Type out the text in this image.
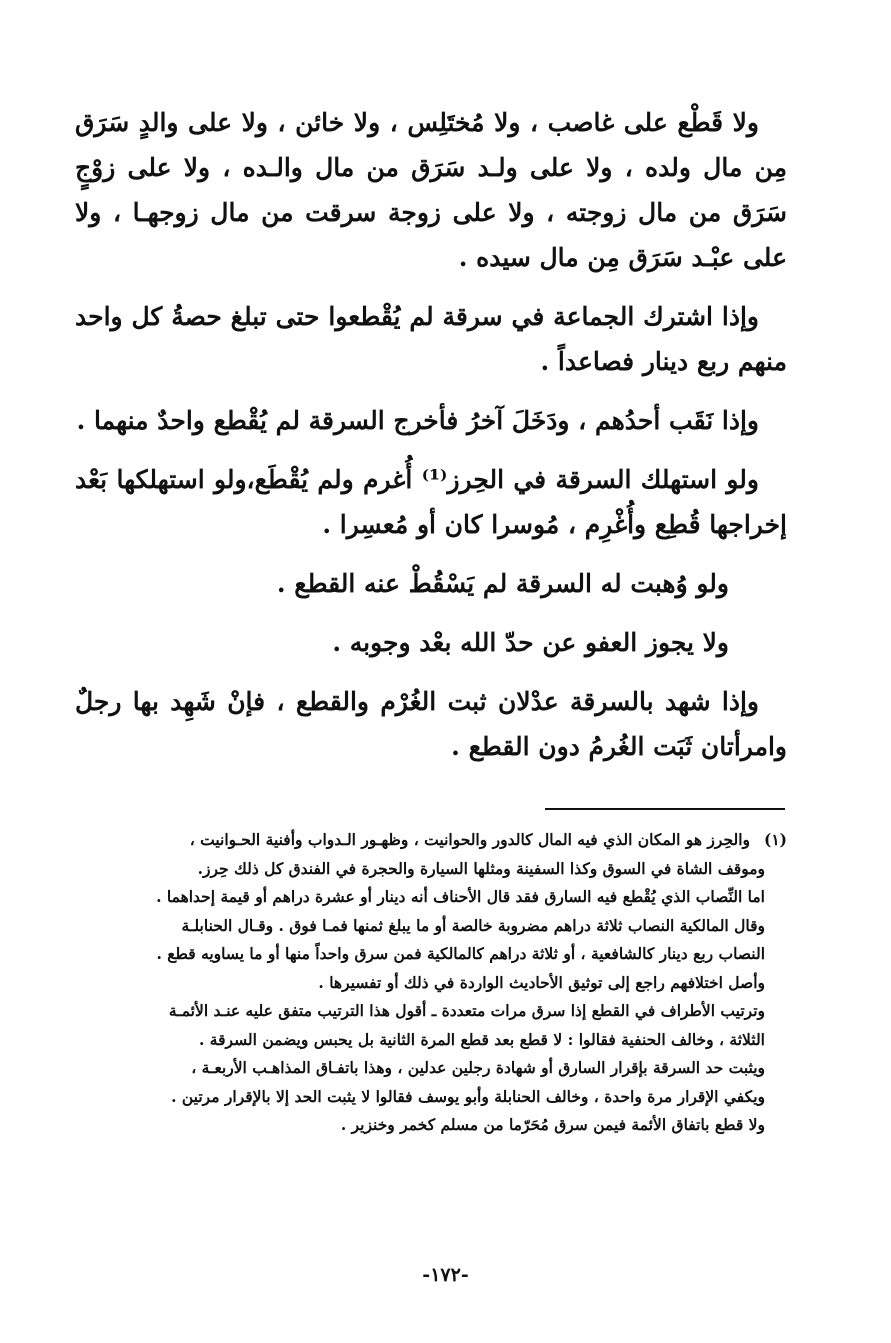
ولا قَطْع على غاصب ، ولا مُختَلِس ، ولا خائن ، ولا على والدٍ سَرَق مِن مال ولده ، ولا على ولـد سَرَق من مال والـده ، ولا على زوْجٍ سَرَق من مال زوجته ، ولا على زوجة سرقت من مال زوجهـا ، ولا على عبْـد سَرَق مِن مال سيده .

وإذا اشترك الجماعة في سرقة لم يُقْطعوا حتى تبلغ حصةُ كل واحد منهم ربع دينار فصاعداً .

وإذا نَقَب أحدُهم ، ودَخَلَ آخرُ فأخرج السرقة لم يُقْطع واحدٌ منهما .

ولو استهلك السرقة في الحِرز⁽¹⁾ أُغرم ولم يُقْطَع،ولو استهلكها بَعْد إخراجها قُطِع وأُغْرِم ، مُوسرا كان أو مُعسِرا .

ولو وُهبت له السرقة لم يَسْقُطْ عنه القطع .

ولا يجوز العفو عن حدّ الله بعْد وجوبه .

وإذا شهد بالسرقة عدْلان ثبت الغُرْم والقطع ، فإنْ شَهِد بها رجلٌ وامرأتان ثَبَت الغُرمُ دون القطع .

(١)والحِرز هو المكان الذي فيه المال كالدور والحوانيت ، وظهـور الـدواب وأفنية الحـوانيت ،

وموقف الشاة في السوق وكذا السفينة ومثلها السيارة والحجرة في الفندق كل ذلك حِرز.

اما النِّصاب الذي يُقْطع فيه السارق فقد قال الأحناف أنه دينار أو عشرة دراهم أو قيمة إحداهما .

وقال المالكية النصاب ثلاثة دراهم مضروبة خالصة أو ما يبلغ ثمنها فمـا فوق . وقـال الحنابلـة

النصاب ربع دينار كالشافعية ، أو ثلاثة دراهم كالمالكية فمن سرق واحداً منها أو ما يساويه قطع .

وأصل اختلافهم راجع إلى توثيق الأحاديث الواردة في ذلك أو تفسيرها .

وترتيب الأطراف في القطع إذا سرق مرات متعددة ـ أقول هذا الترتيب متفق عليه عنـد الأئمـة

الثلاثة ، وخالف الحنفية فقالوا : لا قطع بعد قطع المرة الثانية بل يحبس ويضمن السرقة .

ويثبت حد السرقة بإقرار السارق أو شهادة رجلين عدلين ، وهذا باتفـاق المذاهـب الأربعـة ،

ويكفي الإقرار مرة واحدة ، وخالف الحنابلة وأبو يوسف فقالوا لا يثبت الحد إلا بالإقرار مرتين .

ولا قطع باتفاق الأئمة فيمن سرق مُحَرّما من مسلم كخمر وخنزير .

-١٧٢-
